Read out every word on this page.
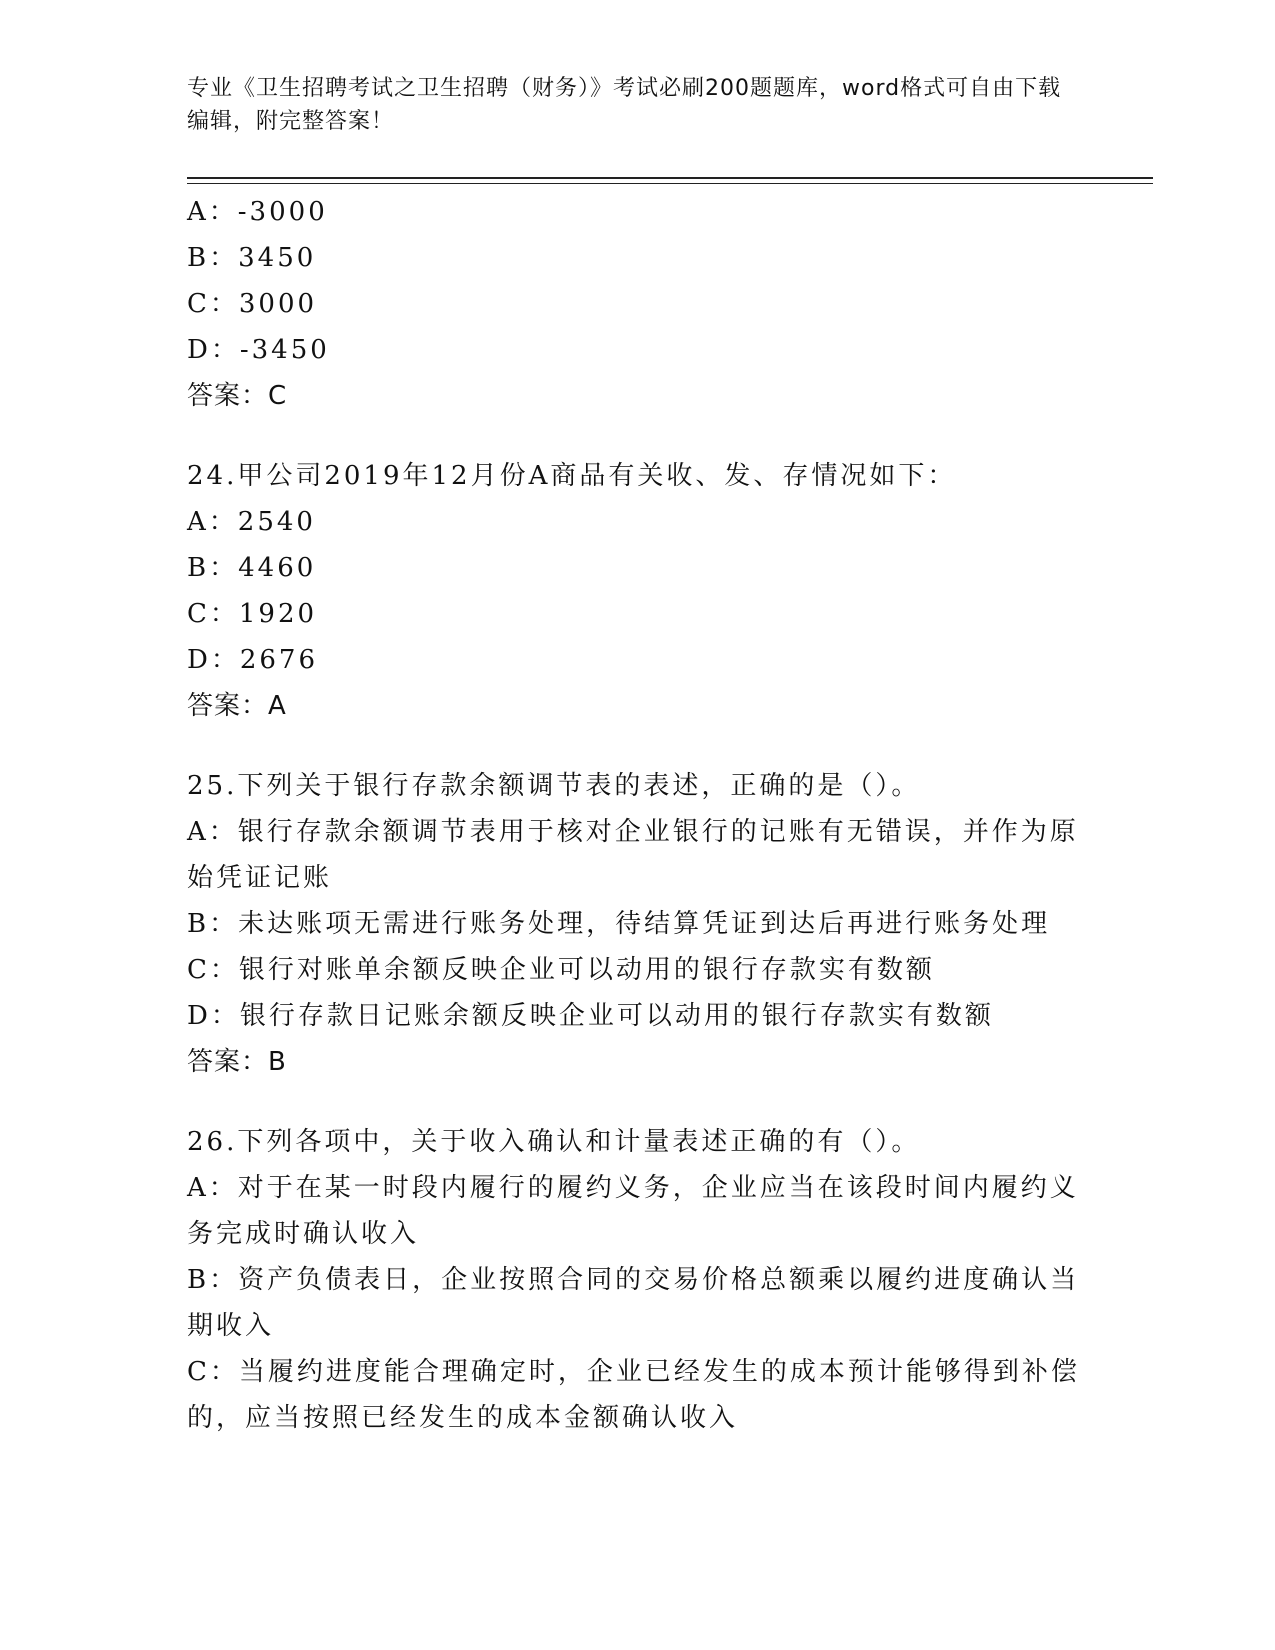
专业《卫生招聘考试之卫生招聘（财务）》考试必刷200题题库，word格式可自由下载编辑，附完整答案！
A：-3000
B：3450
C：3000
D：-3450
答案：C
24.甲公司2019年12月份A商品有关收、发、存情况如下：
A：2540
B：4460
C：1920
D：2676
答案：A
25.下列关于银行存款余额调节表的表述，正确的是（）。
A：银行存款余额调节表用于核对企业银行的记账有无错误，并作为原始凭证记账
B：未达账项无需进行账务处理，待结算凭证到达后再进行账务处理
C：银行对账单余额反映企业可以动用的银行存款实有数额
D：银行存款日记账余额反映企业可以动用的银行存款实有数额
答案：B
26.下列各项中，关于收入确认和计量表述正确的有（）。
A：对于在某一时段内履行的履约义务，企业应当在该段时间内履约义务完成时确认收入
B：资产负债表日，企业按照合同的交易价格总额乘以履约进度确认当期收入
C：当履约进度能合理确定时，企业已经发生的成本预计能够得到补偿的，应当按照已经发生的成本金额确认收入
